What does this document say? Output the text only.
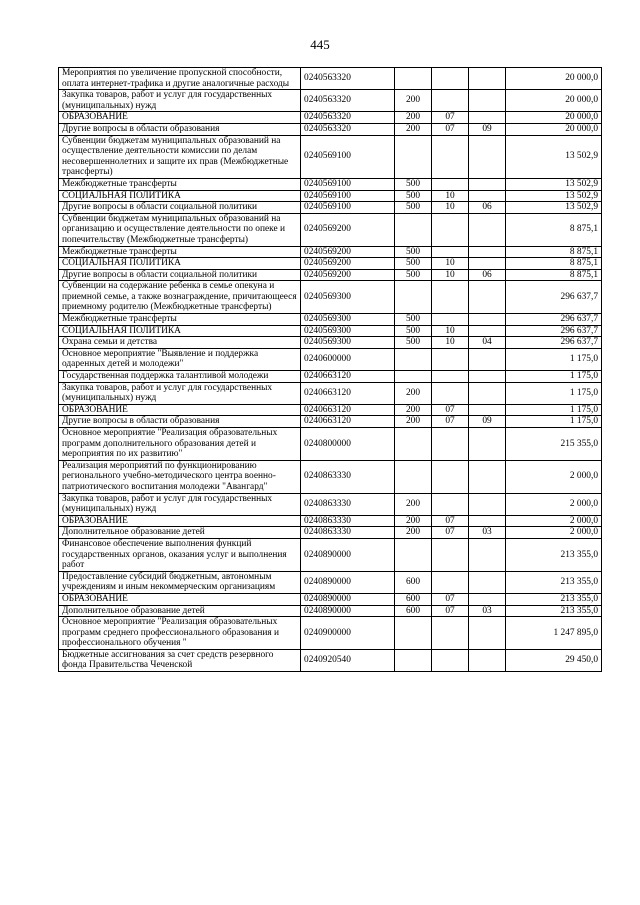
445
Мероприятия по увеличение пропускной способности, оплата интернет-трафика и другие аналогичные расходы	0240563320				20 000,0
Закупка товаров, работ и услуг для государственных (муниципальных) нужд	0240563320	200			20 000,0
ОБРАЗОВАНИЕ	0240563320	200	07		20 000,0
Другие вопросы в области образования	0240563320	200	07	09	20 000,0
Субвенции бюджетам муниципальных образований на осуществление деятельности комиссии по делам несовершеннолетних и защите их прав (Межбюджетные трансферты)	0240569100				13 502,9
Межбюджетные трансферты	0240569100	500			13 502,9
СОЦИАЛЬНАЯ ПОЛИТИКА	0240569100	500	10		13 502,9
Другие вопросы в области социальной политики	0240569100	500	10	06	13 502,9
Субвенции бюджетам муниципальных образований на организацию и осуществление деятельности по опеке и попечительству (Межбюджетные трансферты)	0240569200				8 875,1
Межбюджетные трансферты	0240569200	500			8 875,1
СОЦИАЛЬНАЯ ПОЛИТИКА	0240569200	500	10		8 875,1
Другие вопросы в области социальной политики	0240569200	500	10	06	8 875,1
Субвенции на содержание ребенка в семье опекуна и приемной семье, а также вознаграждение, причитающееся приемному родителю (Межбюджетные трансферты)	0240569300				296 637,7
Межбюджетные трансферты	0240569300	500			296 637,7
СОЦИАЛЬНАЯ ПОЛИТИКА	0240569300	500	10		296 637,7
Охрана семьи и детства	0240569300	500	10	04	296 637,7
Основное мероприятие "Выявление и поддержка одаренных детей и молодежи"	0240600000				1 175,0
Государственная поддержка талантливой молодежи	0240663120				1 175,0
Закупка товаров, работ и услуг для государственных (муниципальных) нужд	0240663120	200			1 175,0
ОБРАЗОВАНИЕ	0240663120	200	07		1 175,0
Другие вопросы в области образования	0240663120	200	07	09	1 175,0
Основное мероприятие "Реализация образовательных программ дополнительного образования детей и мероприятия по их развитию"	0240800000				215 355,0
Реализация мероприятий по функционированию регионального учебно-методического центра военно-патриотического воспитания молодежи "Авангард"	0240863330				2 000,0
Закупка товаров, работ и услуг для государственных (муниципальных) нужд	0240863330	200			2 000,0
ОБРАЗОВАНИЕ	0240863330	200	07		2 000,0
Дополнительное образование детей	0240863330	200	07	03	2 000,0
Финансовое обеспечение выполнения функций государственных органов, оказания услуг и выполнения работ	0240890000				213 355,0
Предоставление субсидий бюджетным, автономным учреждениям и иным некоммерческим организациям	0240890000	600			213 355,0
ОБРАЗОВАНИЕ	0240890000	600	07		213 355,0
Дополнительное образование детей	0240890000	600	07	03	213 355,0
Основное мероприятие "Реализация образовательных программ среднего профессионального образования и профессионального обучения "	0240900000				1 247 895,0
Бюджетные ассигнования за счет средств резервного фонда Правительства Чеченской	0240920540				29 450,0
